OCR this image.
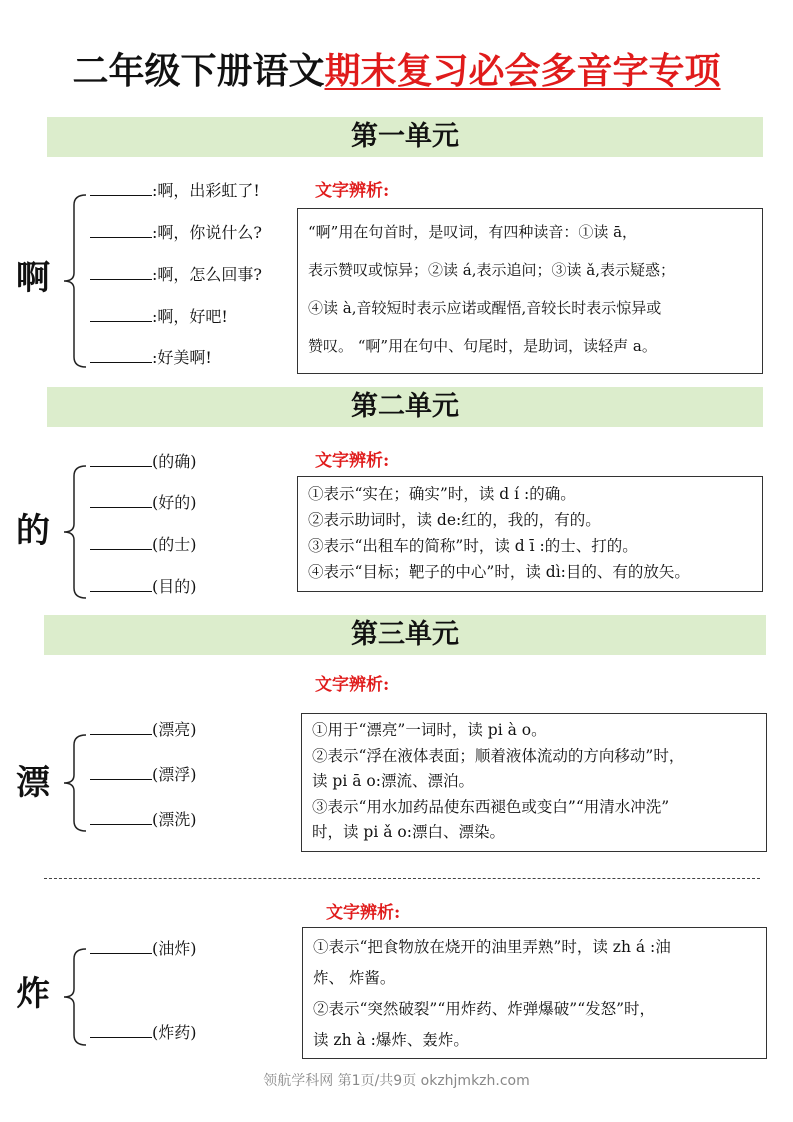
二年级下册语文期末复习必会多音字专项
第一单元
啊
:啊，出彩虹了!
:啊，你说什么?
:啊，怎么回事?
:啊，好吧!
:好美啊!
文字辨析:

“啊”用在句首时，是叹词，有四种读音：①读 ā，

表示赞叹或惊异；②读 á,表示追问；③读 ǎ,表示疑惑；

④读 à,音较短时表示应诺或醒悟,音较长时表示惊异或

赞叹。 “啊”用在句中、句尾时，是助词，读轻声 a。

第二单元
的
(的确)
(好的)
(的士)
(目的)
文字辨析:

①表示“实在；确实”时，读 d í :的确。

②表示助词时，读 de:红的，我的，有的。

③表示“出租车的简称”时，读 d ī :的士、打的。

④表示“目标；靶子的中心”时，读 dì:目的、有的放矢。

第三单元
漂
(漂亮)
(漂浮)
(漂洗)
文字辨析:

①用于“漂亮”一词时，读 pi à o。

②表示“浮在液体表面；顺着液体流动的方向移动”时，

读 pi ā o:漂流、漂泊。

③表示“用水加药品使东西褪色或变白”“用清水冲洗”

时，读 pi ǎ o:漂白、漂染。

炸
(油炸)
(炸药)
文字辨析:

①表示“把食物放在烧开的油里弄熟”时，读 zh á :油

炸、 炸酱。

②表示“突然破裂”“用炸药、炸弹爆破”“发怒”时，

读 zh à :爆炸、轰炸。

领航学科网 第1页/共9页 okzhjmkzh.com
